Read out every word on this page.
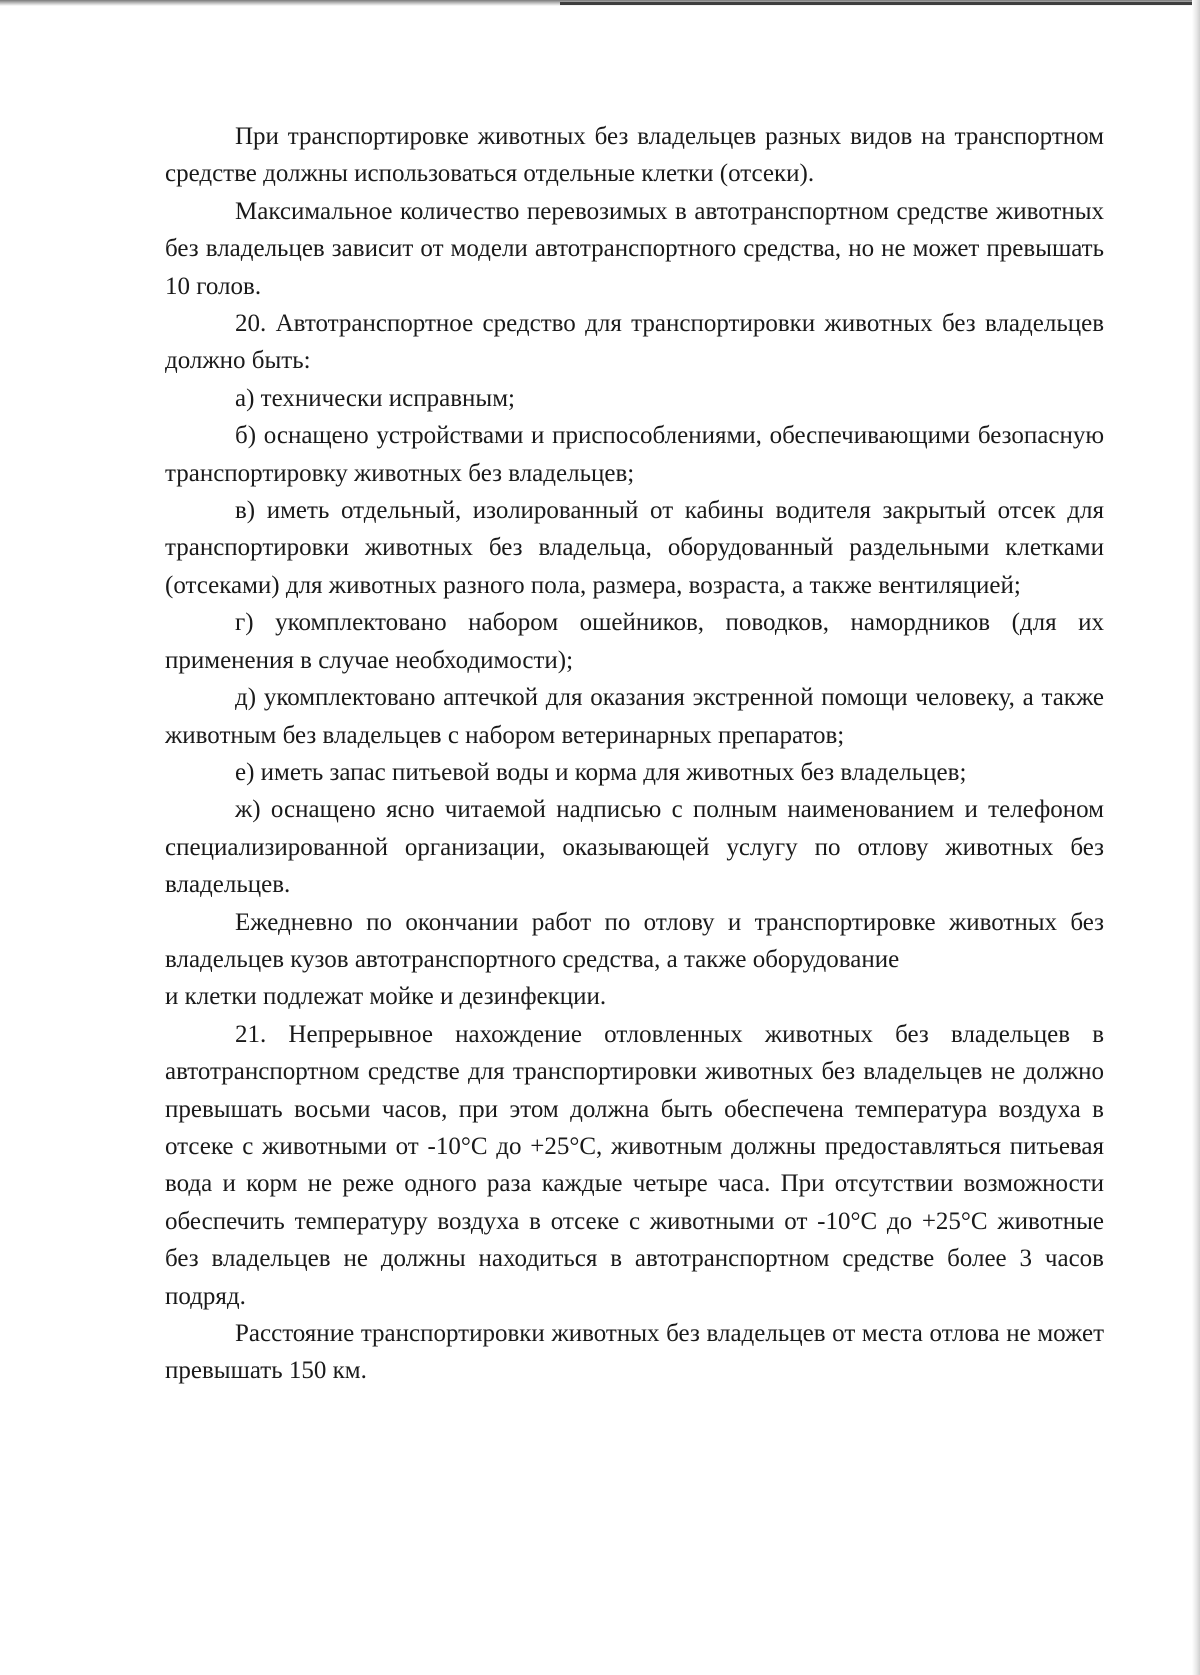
При транспортировке животных без владельцев разных видов на транспортном средстве должны использоваться отдельные клетки (отсеки).

Максимальное количество перевозимых в автотранспортном средстве животных без владельцев зависит от модели автотранспортного средства, но не может превышать 10 голов.

20. Автотранспортное средство для транспортировки животных без владельцев должно быть:

а) технически исправным;

б) оснащено устройствами и приспособлениями, обеспечивающими безопасную транспортировку животных без владельцев;

в) иметь отдельный, изолированный от кабины водителя закрытый отсек для транспортировки животных без владельца, оборудованный раздельными клетками (отсеками) для животных разного пола, размера, возраста, а также вентиляцией;

г) укомплектовано набором ошейников, поводков, намордников (для их применения в случае необходимости);

д) укомплектовано аптечкой для оказания экстренной помощи человеку, а также животным без владельцев с набором ветеринарных препаратов;

е) иметь запас питьевой воды и корма для животных без владельцев;

ж) оснащено ясно читаемой надписью с полным наименованием и телефоном специализированной организации, оказывающей услугу по отлову животных без владельцев.

Ежедневно по окончании работ по отлову и транспортировке животных без владельцев кузов автотранспортного средства, а также оборудование

и клетки подлежат мойке и дезинфекции.

21. Непрерывное нахождение отловленных животных без владельцев в автотранспортном средстве для транспортировки животных без владельцев не должно превышать восьми часов, при этом должна быть обеспечена температура воздуха в отсеке с животными от -10°С до +25°С, животным должны предоставляться питьевая вода и корм не реже одного раза каждые четыре часа. При отсутствии возможности обеспечить температуру воздуха в отсеке с животными от -10°С до +25°С животные без владельцев не должны находиться в автотранспортном средстве более 3 часов подряд.

Расстояние транспортировки животных без владельцев от места отлова не может превышать 150 км.
